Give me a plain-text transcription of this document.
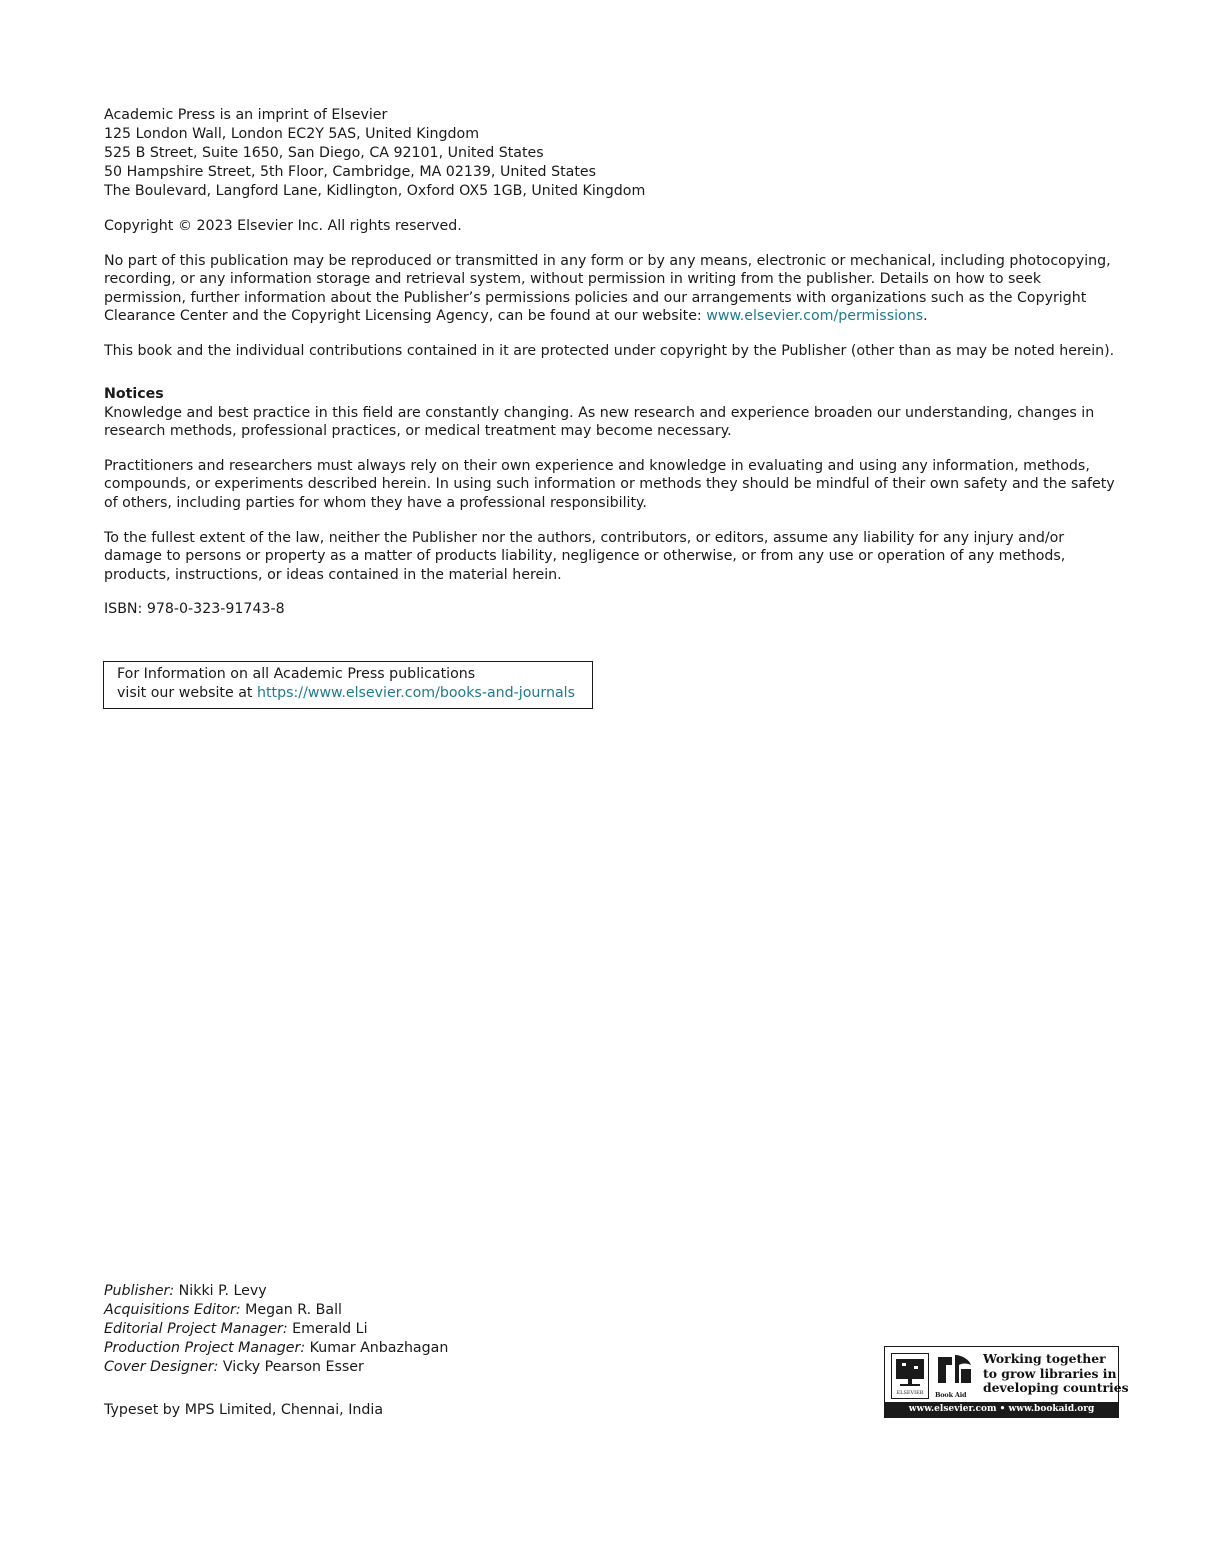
Academic Press is an imprint of Elsevier
125 London Wall, London EC2Y 5AS, United Kingdom
525 B Street, Suite 1650, San Diego, CA 92101, United States
50 Hampshire Street, 5th Floor, Cambridge, MA 02139, United States
The Boulevard, Langford Lane, Kidlington, Oxford OX5 1GB, United Kingdom

Copyright © 2023 Elsevier Inc. All rights reserved.

No part of this publication may be reproduced or transmitted in any form or by any means, electronic or mechanical, including photocopying, recording, or any information storage and retrieval system, without permission in writing from the publisher. Details on how to seek permission, further information about the Publisher’s permissions policies and our arrangements with organizations such as the Copyright Clearance Center and the Copyright Licensing Agency, can be found at our website: www.elsevier.com/permissions.

This book and the individual contributions contained in it are protected under copyright by the Publisher (other than as may be noted herein).

Notices

Knowledge and best practice in this field are constantly changing. As new research and experience broaden our understanding, changes in research methods, professional practices, or medical treatment may become necessary.

Practitioners and researchers must always rely on their own experience and knowledge in evaluating and using any information, methods, compounds, or experiments described herein. In using such information or methods they should be mindful of their own safety and the safety of others, including parties for whom they have a professional responsibility.

To the fullest extent of the law, neither the Publisher nor the authors, contributors, or editors, assume any liability for any injury and/or damage to persons or property as a matter of products liability, negligence or otherwise, or from any use or operation of any methods, products, instructions, or ideas contained in the material herein.

ISBN: 978-0-323-91743-8

For Information on all Academic Press publications
visit our website at https://www.elsevier.com/books-and-journals
Publisher: Nikki P. Levy
Acquisitions Editor: Megan R. Ball
Editorial Project Manager: Emerald Li
Production Project Manager: Kumar Anbazhagan
Cover Designer: Vicky Pearson Esser
Typeset by MPS Limited, Chennai, India
ELSEVIER	Book Aid
Working together
to grow libraries in
developing countries
www.elsevier.com • www.bookaid.org
